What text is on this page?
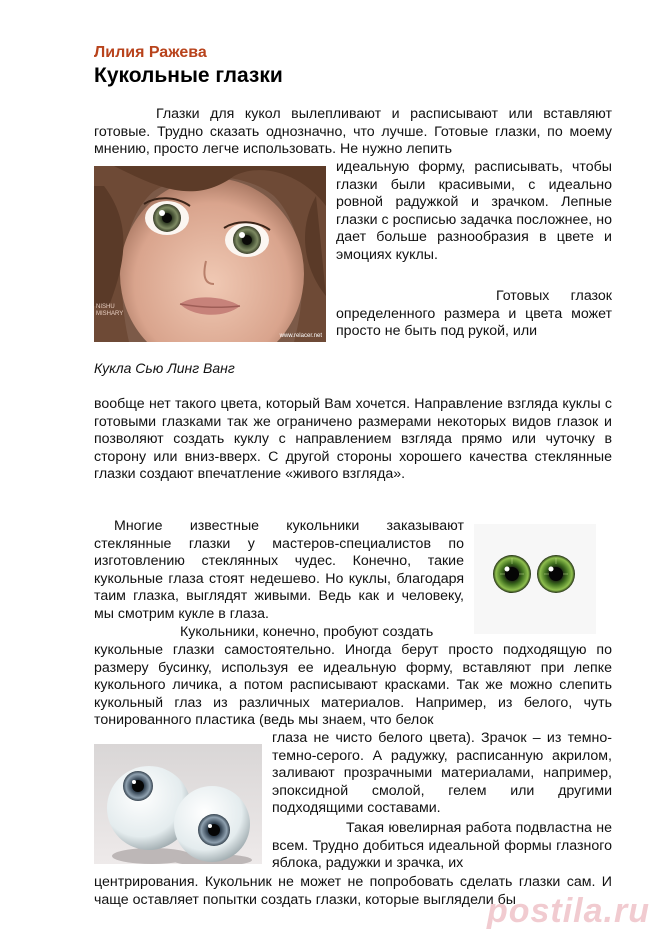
Лилия Ражева
Кукольные глазки

Глазки для кукол вылепливают и расписывают или вставляют готовые. Трудно сказать однозначно, что лучше. Готовые глазки, по моему мнению, просто легче использовать. Не нужно лепить

NISHU MISHARY
www.relacer.net

идеальную форму, расписывать, чтобы глазки были красивыми, с идеально ровной радужкой и зрачком. Лепные глазки с росписью задачка посложнее, но дает больше разнообразия в цвете и эмоциях куклы.

Готовых глазок определенного размера и цвета может просто не быть под рукой, или

Кукла Сью Линг Ванг

вообще нет такого цвета, который Вам хочется. Направление взгляда куклы с готовыми глазками так же ограничено размерами некоторых видов глазок и позволяют создать куклу с направлением взгляда прямо или чуточку в сторону или вниз-вверх. С другой стороны хорошего качества стеклянные глазки создают впечатление «живого взгляда».

Многие известные кукольники заказывают стеклянные глазки у мастеров-специалистов по изготовлению стеклянных чудес. Конечно, такие кукольные глаза стоят недешево. Но куклы, благодаря таим глазка, выглядят живыми. Ведь как и человеку, мы смотрим кукле в глаза.

Кукольники, конечно, пробуют создать

кукольные глазки самостоятельно. Иногда берут просто подходящую по размеру бусинку, используя ее идеальную форму, вставляют при лепке кукольного личика, а потом расписывают красками. Так же можно слепить кукольный глаз из различных материалов. Например, из белого, чуть тонированного пластика (ведь мы знаем, что белок

глаза не чисто белого цвета). Зрачок – из темно-темно-серого. А радужку, расписанную акрилом, заливают прозрачными материалами, например, эпоксидной смолой, гелем или другими подходящими составами.

Такая ювелирная работа подвластна не всем. Трудно добиться идеальной формы глазного яблока, радужки и зрачка, их

центрирования. Кукольник не может не попробовать сделать глазки сам. И чаще оставляет попытки создать глазки, которые выглядели бы

postila.ru
